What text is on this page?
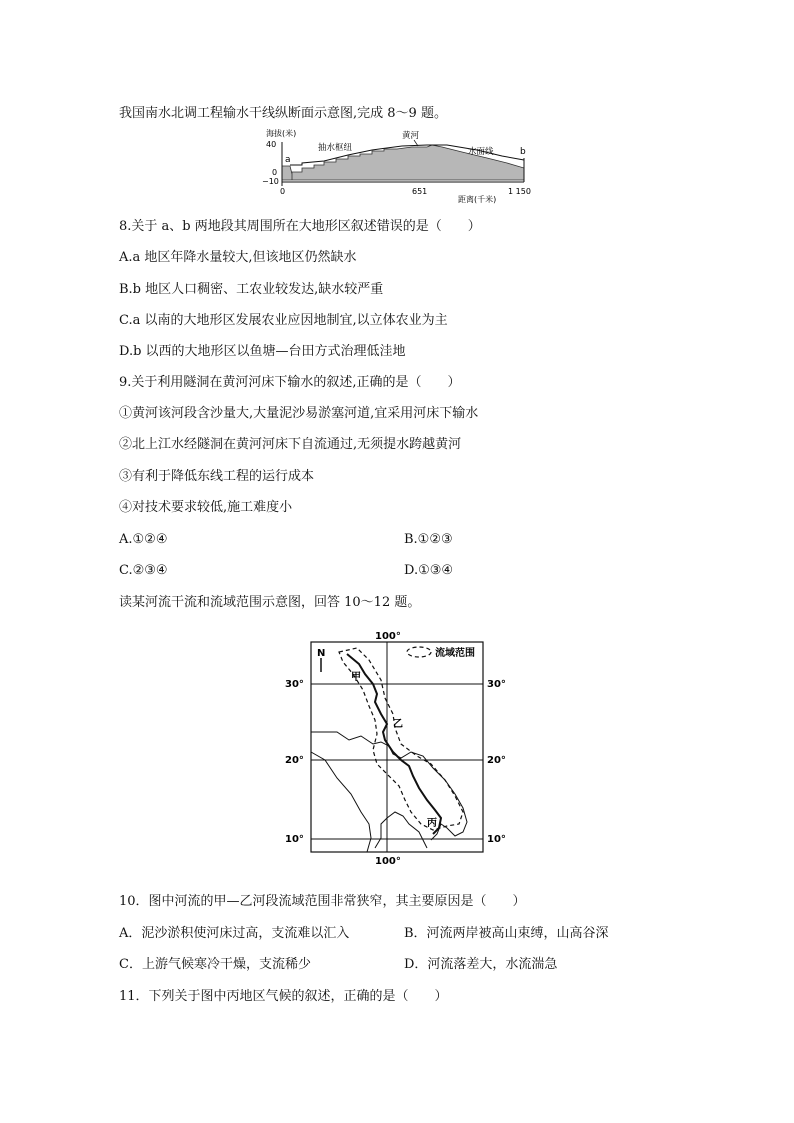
我国南水北调工程输水干线纵断面示意图,完成 8～9 题。
海拔(米)
40
0
−10
0	651	1 150
距离(千米)
a
b
抽水枢纽
黄河
水面线
8.关于 a、b 两地段其周围所在大地形区叙述错误的是（　　）
A.a 地区年降水量较大,但该地区仍然缺水
B.b 地区人口稠密、工农业较发达,缺水较严重
C.a 以南的大地形区发展农业应因地制宜,以立体农业为主
D.b 以西的大地形区以鱼塘—台田方式治理低洼地
9.关于利用隧洞在黄河河床下输水的叙述,正确的是（　　）
①黄河该河段含沙量大,大量泥沙易淤塞河道,宜采用河床下输水
②北上江水经隧洞在黄河河床下自流通过,无须提水跨越黄河
③有利于降低东线工程的运行成本
④对技术要求较低,施工难度小
A.①②④	B.①②③
C.②③④	D.①③④
读某河流干流和流域范围示意图，回答 10～12 题。
流域范围
N
100°
100°
30°	30°
20°	20°
10°	10°
甲
乙
丙
10．图中河流的甲—乙河段流域范围非常狭窄，其主要原因是（　　）
A．泥沙淤积使河床过高，支流难以汇入	B．河流两岸被高山束缚，山高谷深
C．上游气候寒冷干燥，支流稀少	D．河流落差大，水流湍急
11．下列关于图中丙地区气候的叙述，正确的是（　　）
